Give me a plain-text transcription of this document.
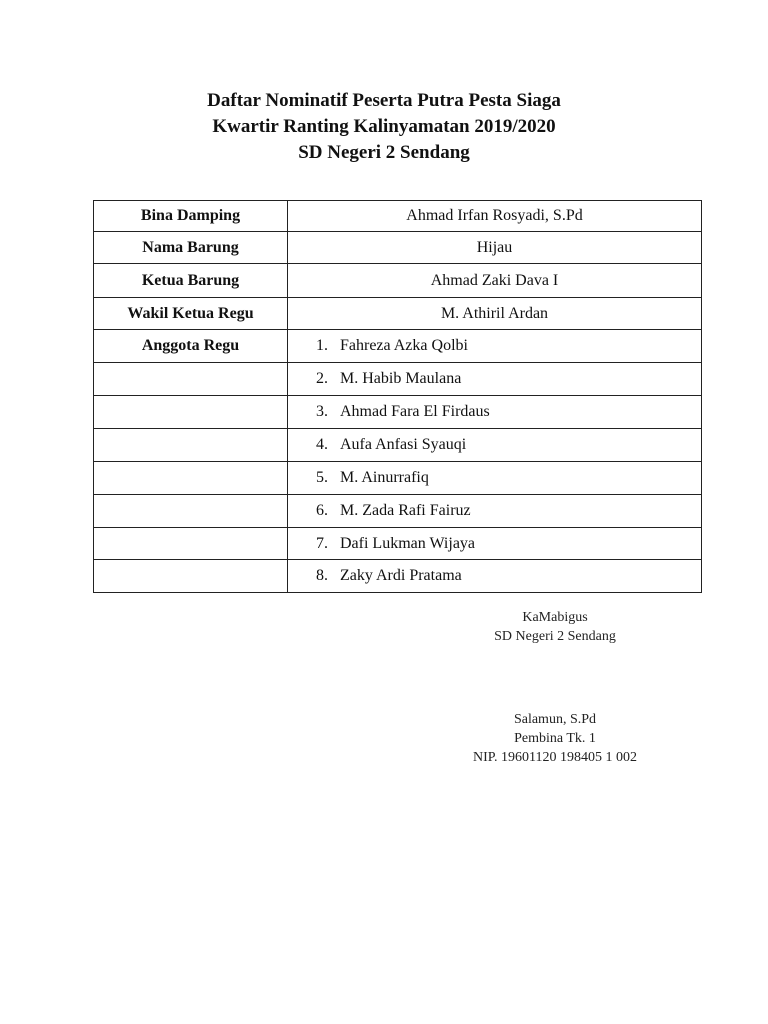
Daftar Nominatif Peserta Putra Pesta Siaga
Kwartir Ranting Kalinyamatan 2019/2020
SD Negeri 2 Sendang
Bina Damping	Ahmad Irfan Rosyadi, S.Pd
Nama Barung	Hijau
Ketua Barung	Ahmad Zaki Dava I
Wakil Ketua Regu	M. Athiril Ardan
Anggota Regu	1. Fahreza Azka Qolbi
	2. M. Habib Maulana
	3. Ahmad Fara El Firdaus
	4. Aufa Anfasi Syauqi
	5. M. Ainurrafiq
	6. M. Zada Rafi Fairuz
	7. Dafi Lukman Wijaya
	8. Zaky Ardi Pratama
KaMabigus
SD Negeri 2 Sendang
Salamun, S.Pd
Pembina Tk. 1
NIP. 19601120 198405 1 002
